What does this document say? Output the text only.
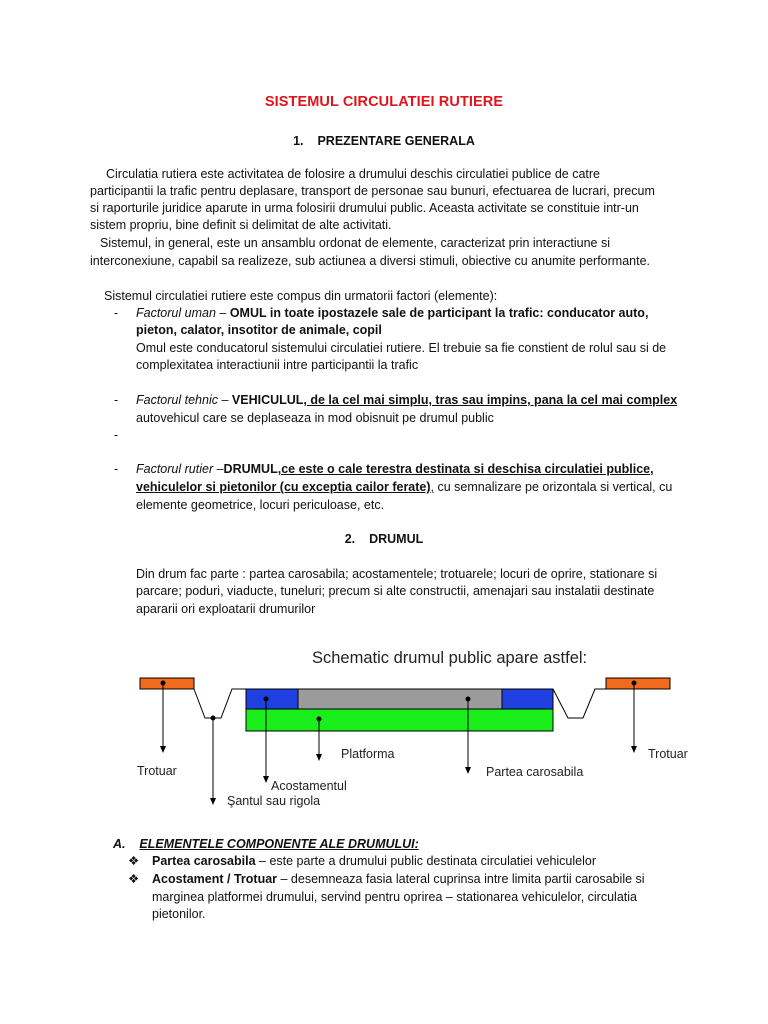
SISTEMUL CIRCULATIEI RUTIERE
1. PREZENTARE GENERALA
Circulatia rutiera este activitatea de folosire a drumului deschis circulatiei publice de catre
participantii la trafic pentru deplasare, transport de personae sau bunuri, efectuarea de lucrari, precum
si raporturile juridice aparute in urma folosirii drumului public. Aceasta activitate se constituie intr-un
sistem propriu, bine definit si delimitat de alte activitati.
Sistemul, in general, este un ansamblu ordonat de elemente, caracterizat prin interactiune si
interconexiune, capabil sa realizeze, sub actiunea a diversi stimuli, obiective cu anumite performante.
Sistemul circulatiei rutiere este compus din urmatorii factori (elemente):
- Factorul uman – OMUL in toate ipostazele sale de participant la trafic: conducator auto,
pieton, calator, insotitor de animale, copil
Omul este conducatorul sistemului circulatiei rutiere. El trebuie sa fie constient de rolul sau si de
complexitatea interactiunii intre participantii la trafic
- Factorul tehnic – VEHICULUL, de la cel mai simplu, tras sau impins, pana la cel mai complex
autovehicul care se deplaseaza in mod obisnuit pe drumul public
-
- Factorul rutier –DRUMUL,ce este o cale terestra destinata si deschisa circulatiei publice,
vehiculelor si pietonilor (cu exceptia cailor ferate), cu semnalizare pe orizontala si vertical, cu
elemente geometrice, locuri periculoase, etc.
2. DRUMUL
Din drum fac parte : partea carosabila; acostamentele; trotuarele; locuri de oprire, stationare si
parcare; poduri, viaducte, tuneluri; precum si alte constructii, amenajari sau instalatii destinate
apararii ori exploatarii drumurilor
Schematic drumul public apare astfel:
Trotuar
Trotuar
Acostamentul
Platforma
Partea carosabila
Şantul sau rigola
A. ELEMENTELE COMPONENTE ALE DRUMULUI:
❖ Partea carosabila – este parte a drumului public destinata circulatiei vehiculelor
❖ Acostament / Trotuar – desemneaza fasia lateral cuprinsa intre limita partii carosabile si
marginea platformei drumului, servind pentru oprirea – stationarea vehiculelor, circulatia
pietonilor.
